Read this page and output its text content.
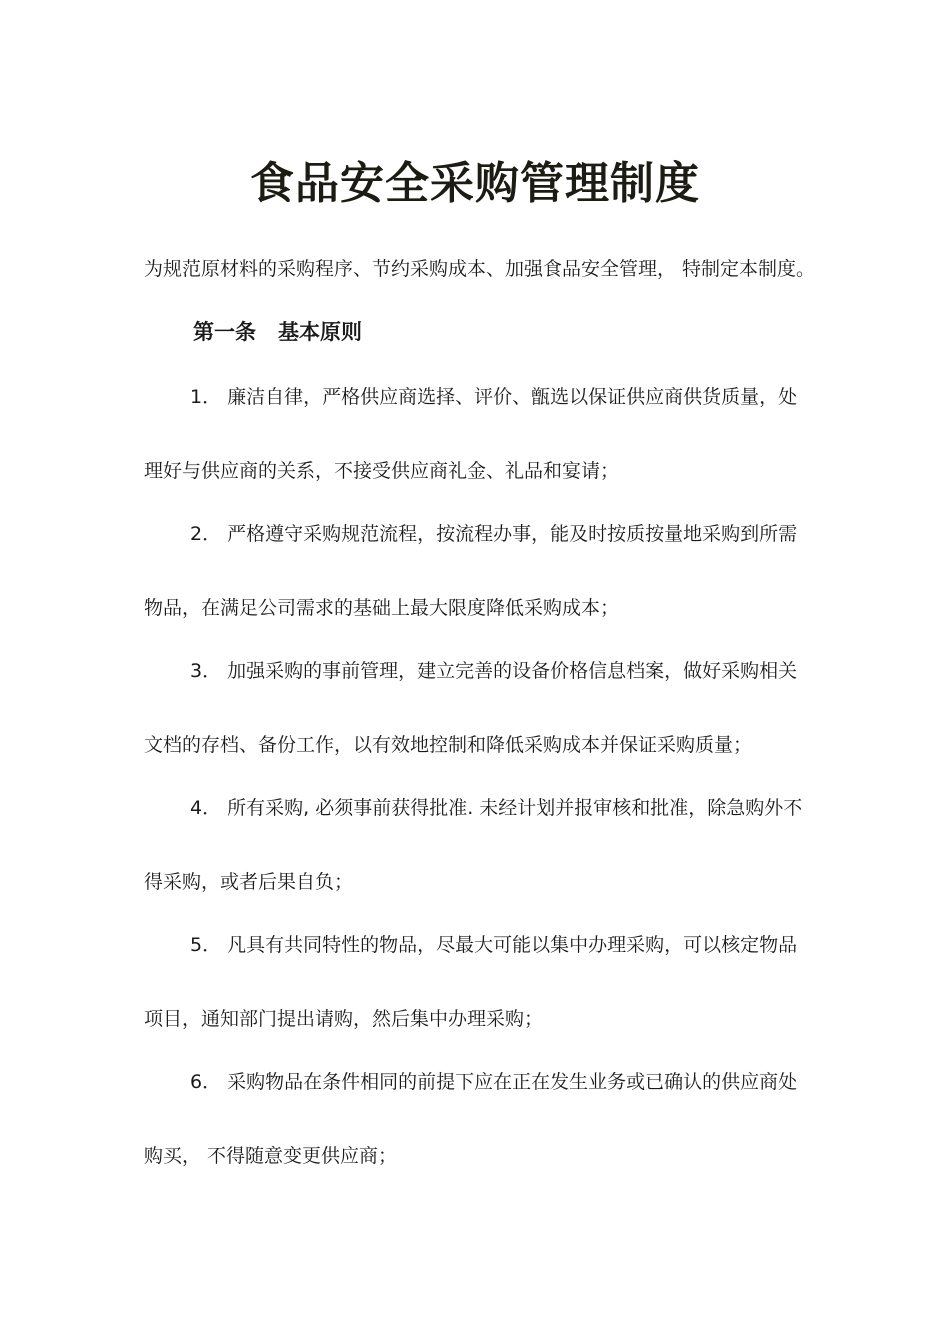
食品安全采购管理制度
为规范原材料的采购程序、节约采购成本、加强食品安全管理， 特制定本制度。
第一条 基本原则
1． 廉洁自律，严格供应商选择、评价、甑选以保证供应商供货质量，处
理好与供应商的关系，不接受供应商礼金、礼品和宴请；
2． 严格遵守采购规范流程，按流程办事，能及时按质按量地采购到所需
物品，在满足公司需求的基础上最大限度降低采购成本；
3． 加强采购的事前管理，建立完善的设备价格信息档案，做好采购相关
文档的存档、备份工作，以有效地控制和降低采购成本并保证采购质量；
4． 所有采购, 必须事前获得批准. 未经计划并报审核和批准，除急购外不
得采购，或者后果自负；
5． 凡具有共同特性的物品，尽最大可能以集中办理采购，可以核定物品
项目，通知部门提出请购，然后集中办理采购；
6． 采购物品在条件相同的前提下应在正在发生业务或已确认的供应商处
购买， 不得随意变更供应商；
